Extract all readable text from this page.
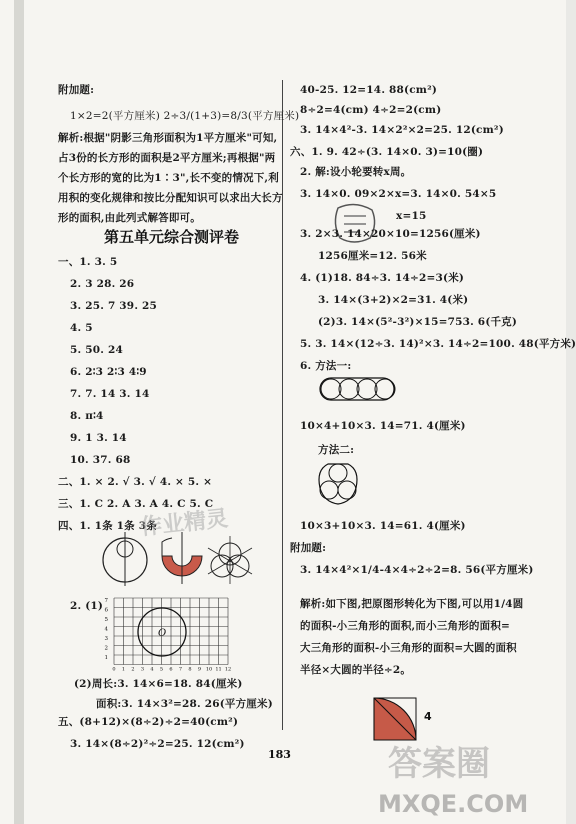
附加题:
1×2=2(平方厘米) 2÷3/(1+3)=8/3(平方厘米)
解析:根据"阴影三角形面积为1平方厘米"可知,
占3份的长方形的面积是2平方厘米;再根据"两
个长方形的宽的比为1∶3",长不变的情况下,利
用积的变化规律和按比分配知识可以求出大长方
形的面积,由此列式解答即可。
第五单元综合测评卷
一、1. 3. 5
2. 3 28. 26
3. 25. 7 39. 25
4. 5
5. 50. 24
6. 2∶3 2∶3 4∶9
7. 7. 14 3. 14
8. π∶4
9. 1 3. 14
10. 37. 68
二、1. × 2. √ 3. √ 4. × 5. ×
三、1. C 2. A 3. A 4. C 5. C
四、1. 1条 1条 3条
2. (1) 7
6
5
4
3
2
1
0 1 2 3 4 5 6 7 8 9 10 11 12
O
(2)周长:3. 14×6=18. 84(厘米)
面积:3. 14×3²=28. 26(平方厘米)
五、(8+12)×(8÷2)÷2=40(cm²)
3. 14×(8÷2)²÷2=25. 12(cm²)
40-25. 12=14. 88(cm²)
8÷2=4(cm) 4÷2=2(cm)
3. 14×4²-3. 14×2²×2=25. 12(cm²)
六、1. 9. 42÷(3. 14×0. 3)=10(圈)
2. 解:设小轮要转x周。
3. 14×0. 09×2×x=3. 14×0. 54×5
x=15
3. 2×3. 14×20×10=1256(厘米)
1256厘米=12. 56米
4. (1)18. 84÷3. 14÷2=3(米)
3. 14×(3+2)×2=31. 4(米)
(2)3. 14×(5²-3²)×15=753. 6(千克)
5. 3. 14×(12÷3. 14)²×3. 14÷2=100. 48(平方米)
6. 方法一:
10×4+10×3. 14=71. 4(厘米)
方法二:
10×3+10×3. 14=61. 4(厘米)
附加题:
3. 14×4²×1/4-4×4÷2÷2=8. 56(平方厘米)
解析:如下图,把原图形转化为下图,可以用1/4圆
的面积-小三角形的面积,而小三角形的面积=
大三角形的面积-小三角形的面积=大圆的面积
半径×大圆的半径÷2。
4
183
作业精灵
答案圈
MXQE.COM
